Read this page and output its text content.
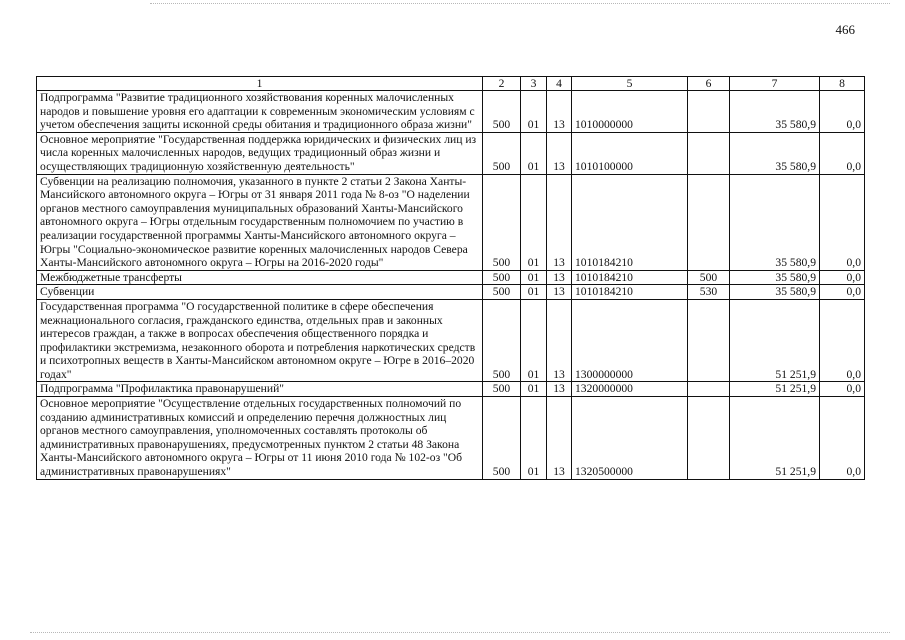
466
1	2	3	4	5	6	7	8
Подпрограмма "Развитие традиционного хозяйствования коренных малочисленных народов и повышение уровня его адаптации к современным экономическим условиям с учетом обеспечения защиты исконной среды обитания и традиционного образа жизни"	500	01	13	1010000000		35 580,9	0,0
Основное мероприятие "Государственная поддержка юридических и физических лиц из числа коренных малочисленных народов, ведущих традиционный образ жизни и осуществляющих традиционную хозяйственную деятельность"	500	01	13	1010100000		35 580,9	0,0
Субвенции на реализацию полномочия, указанного в пункте 2 статьи 2 Закона Ханты-Мансийского автономного округа – Югры от 31 января 2011 года № 8-оз "О наделении органов местного самоуправления муниципальных образований Ханты-Мансийского автономного округа – Югры отдельным государственным полномочием по участию в реализации государственной программы Ханты-Мансийского автономного округа – Югры "Социально-экономическое развитие коренных малочисленных народов Севера Ханты-Мансийского автономного округа – Югры на 2016-2020 годы"	500	01	13	1010184210		35 580,9	0,0
Межбюджетные трансферты	500	01	13	1010184210	500	35 580,9	0,0
Субвенции	500	01	13	1010184210	530	35 580,9	0,0
Государственная программа "О государственной политике в сфере обеспечения межнационального согласия, гражданского единства, отдельных прав и законных интересов граждан, а также в вопросах обеспечения общественного порядка и профилактики экстремизма, незаконного оборота и потребления наркотических средств и психотропных веществ в Ханты-Мансийском автономном округе – Югре в 2016–2020 годах"	500	01	13	1300000000		51 251,9	0,0
Подпрограмма "Профилактика правонарушений"	500	01	13	1320000000		51 251,9	0,0
Основное мероприятие "Осуществление отдельных государственных полномочий по созданию административных комиссий и определению перечня должностных лиц органов местного самоуправления, уполномоченных составлять протоколы об административных правонарушениях, предусмотренных пунктом 2 статьи 48 Закона Ханты-Мансийского автономного округа – Югры от 11 июня 2010 года № 102-оз "Об административных правонарушениях"	500	01	13	1320500000		51 251,9	0,0
